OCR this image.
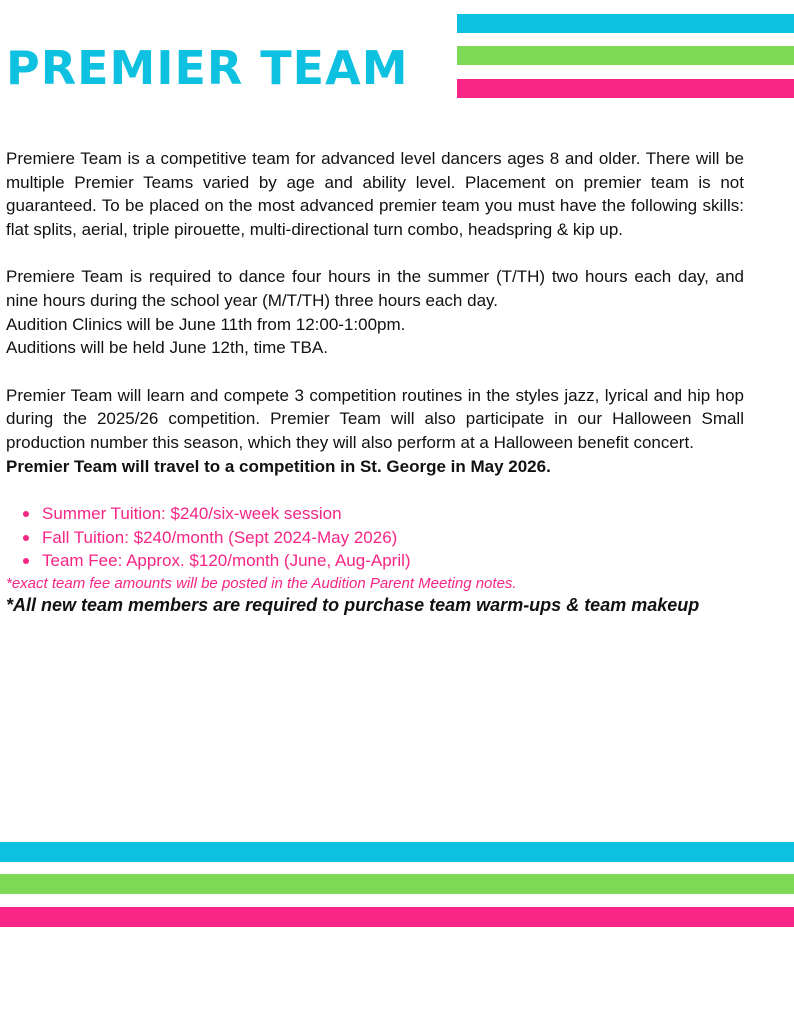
PREMIER TEAM

Premiere Team is a competitive team for advanced level dancers ages 8 and older. There will be multiple Premier Teams varied by age and ability level. Placement on premier team is not guaranteed. To be placed on the most advanced premier team you must have the following skills: flat splits, aerial, triple pirouette, multi-directional turn combo, headspring & kip up.

Premiere Team is required to dance four hours in the summer (T/TH) two hours each day, and nine hours during the school year (M/T/TH) three hours each day.

Audition Clinics will be June 11th from 12:00-1:00pm.

Auditions will be held June 12th, time TBA.

Premier Team will learn and compete 3 competition routines in the styles jazz, lyrical and hip hop during the 2025/26 competition. Premier Team will also participate in our Halloween Small production number this season, which they will also perform at a Halloween benefit concert.

Premier Team will travel to a competition in St. George in May 2026.

Summer Tuition: $240/six-week session
Fall Tuition: $240/month (Sept 2024-May 2026)
Team Fee: Approx. $120/month (June, Aug-April)

*exact team fee amounts will be posted in the Audition Parent Meeting notes.

*All new team members are required to purchase team warm-ups & team makeup
